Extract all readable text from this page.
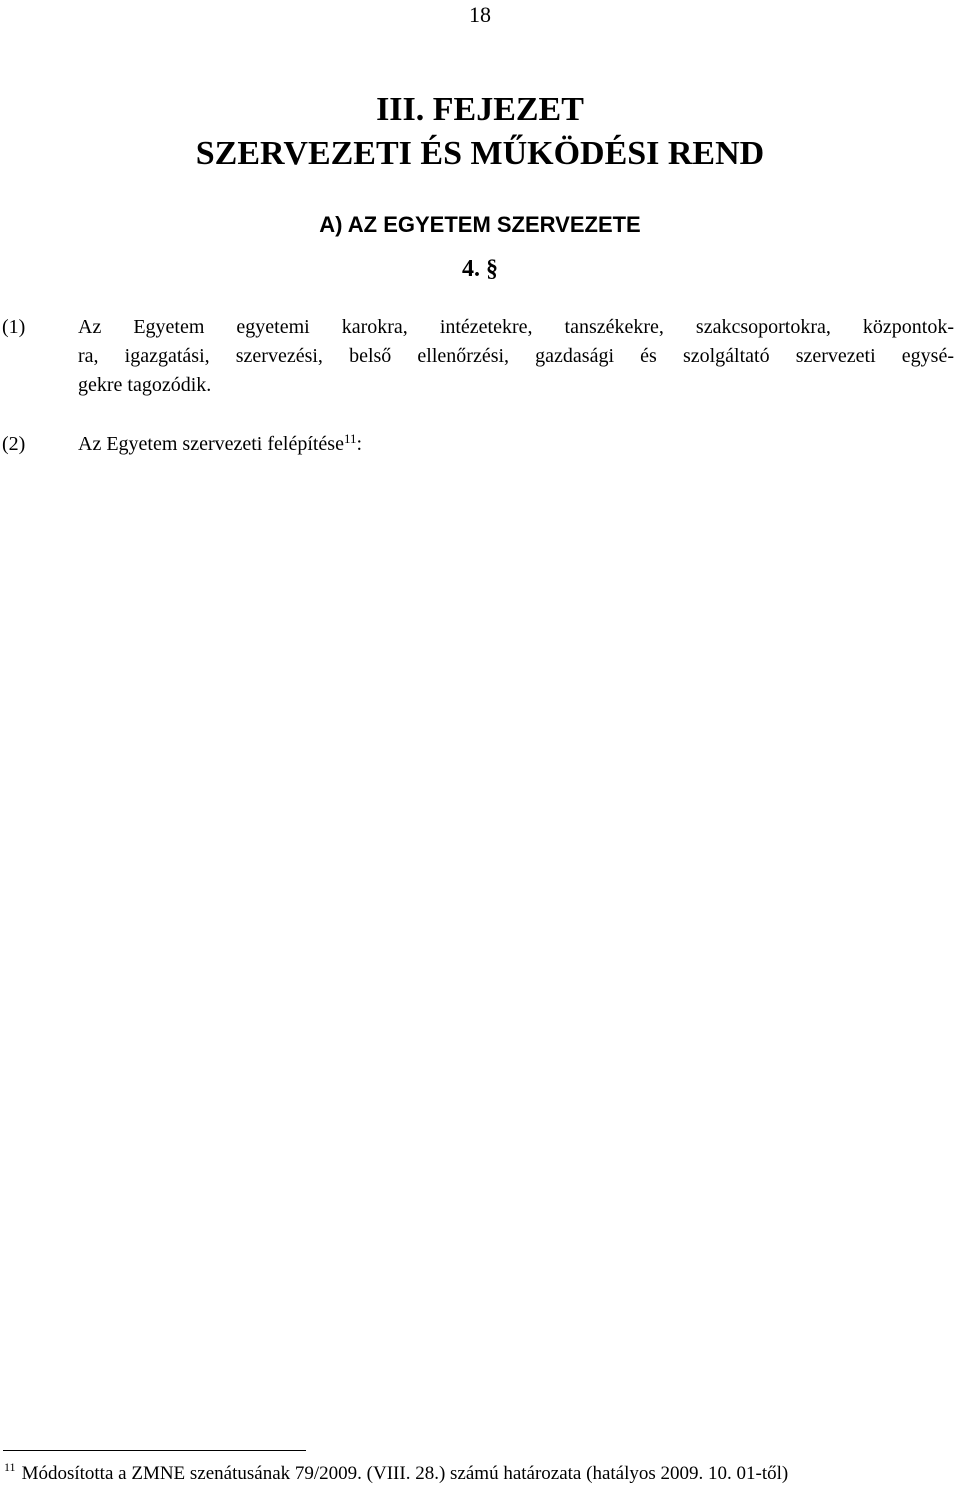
18
III. FEJEZET
SZERVEZETI ÉS MŰKÖDÉSI REND
A) AZ EGYETEM SZERVEZETE
4. §
(1)	Az Egyetem egyetemi karokra, intézetekre, tanszékekre, szakcsoportokra, központok-
ra, igazgatási, szervezési, belső ellenőrzési, gazdasági és szolgáltató szervezeti egysé-
gekre tagozódik.
(2)	Az Egyetem szervezeti felépítése$^{11}$:
$^{11}$ Módosította a ZMNE szenátusának 79/2009. (VIII. 28.) számú határozata (hatályos 2009. 10. 01-től)
